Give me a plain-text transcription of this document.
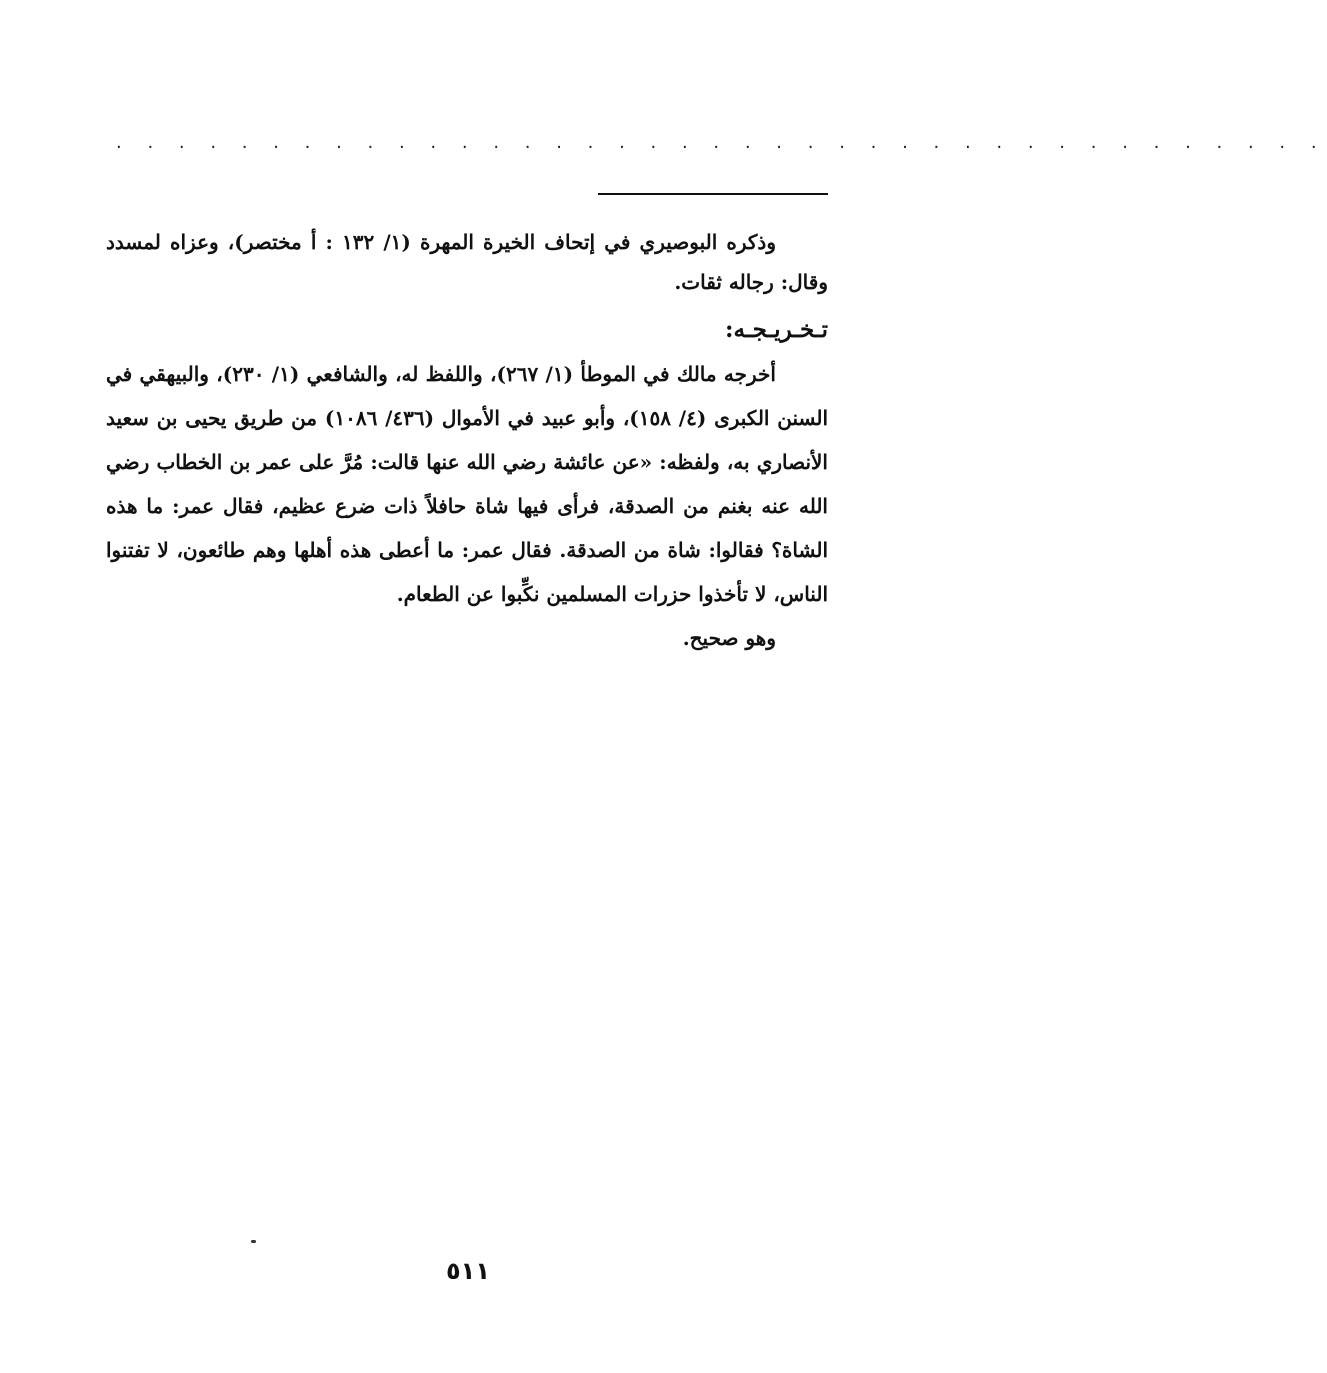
· · · · · · · · · · · · · · · · · · · · · · · · · · · · · · · · · · · · · · ·

وذكره البوصيري في إتحاف الخيرة المهرة (١/ ١٣٢ : أ مختصر)، وعزاه لمسدد وقال: رجاله ثقات.

تـخـريـجـه:

أخرجه مالك في الموطأ (١/ ٢٦٧)، واللفظ له، والشافعي (١/ ٢٣٠)، والبيهقي في السنن الكبرى (٤/ ١٥٨)، وأبو عبيد في الأموال (٤٣٦/ ١٠٨٦) من طريق يحيى بن سعيد الأنصاري به، ولفظه: «عن عائشة رضي الله عنها قالت: مُرَّ على عمر بن الخطاب رضي الله عنه بغنم من الصدقة، فرأى فيها شاة حافلاً ذات ضرع عظيم، فقال عمر: ما هذه الشاة؟ فقالوا: شاة من الصدقة. فقال عمر: ما أعطى هذه أهلها وهم طائعون، لا تفتنوا الناس، لا تأخذوا حزرات المسلمين نكِّبوا عن الطعام.

وهو صحيح.

٥١١
